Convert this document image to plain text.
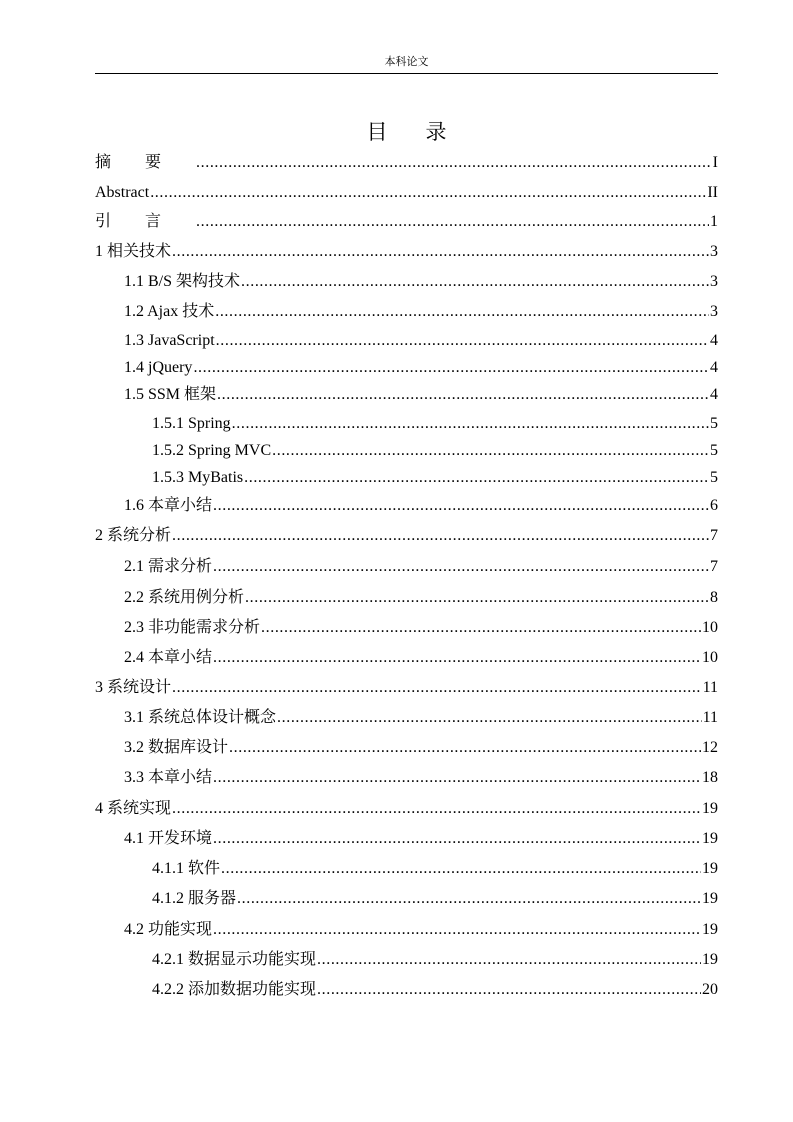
本科论文
目录
摘要 .....	I
Abstract .....	II
引言 .....	1
1 相关技术 .....	3
1.1 B/S 架构技术 .....	3
1.2 Ajax 技术 .....	3
1.3 JavaScript .....	4
1.4 jQuery .....	4
1.5 SSM 框架 .....	4
1.5.1 Spring .....	5
1.5.2 Spring MVC .....	5
1.5.3 MyBatis .....	5
1.6 本章小结 .....	6
2 系统分析 .....	7
2.1 需求分析 .....	7
2.2 系统用例分析 .....	8
2.3 非功能需求分析 .....	10
2.4 本章小结 .....	10
3 系统设计 .....	11
3.1 系统总体设计概念 .....	11
3.2 数据库设计 .....	12
3.3 本章小结 .....	18
4 系统实现 .....	19
4.1 开发环境 .....	19
4.1.1 软件 .....	19
4.1.2 服务器 .....	19
4.2 功能实现 .....	19
4.2.1 数据显示功能实现 .....	19
4.2.2 添加数据功能实现 .....	20
